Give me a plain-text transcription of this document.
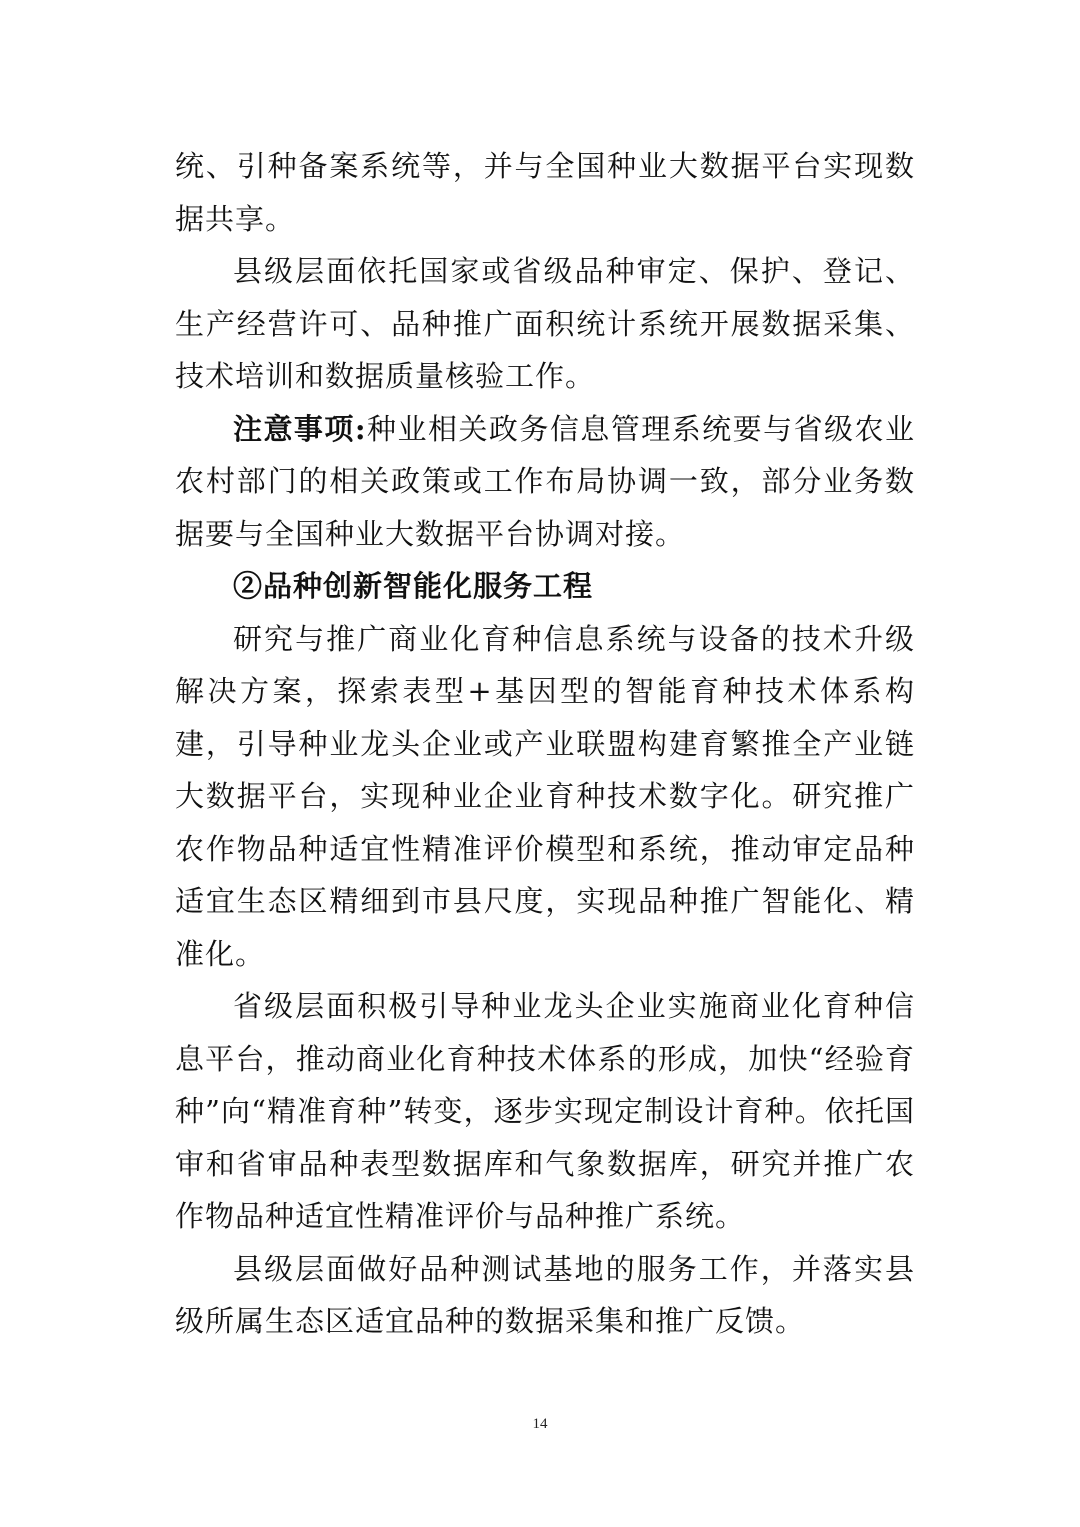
统、引种备案系统等，并与全国种业大数据平台实现数据共享。

县级层面依托国家或省级品种审定、保护、登记、生产经营许可、品种推广面积统计系统开展数据采集、技术培训和数据质量核验工作。

注意事项:种业相关政务信息管理系统要与省级农业农村部门的相关政策或工作布局协调一致，部分业务数据要与全国种业大数据平台协调对接。

②品种创新智能化服务工程

研究与推广商业化育种信息系统与设备的技术升级解决方案，探索表型+基因型的智能育种技术体系构建，引导种业龙头企业或产业联盟构建育繁推全产业链大数据平台，实现种业企业育种技术数字化。研究推广农作物品种适宜性精准评价模型和系统，推动审定品种适宜生态区精细到市县尺度，实现品种推广智能化、精准化。

省级层面积极引导种业龙头企业实施商业化育种信息平台，推动商业化育种技术体系的形成，加快“经验育种”向“精准育种”转变，逐步实现定制设计育种。依托国审和省审品种表型数据库和气象数据库，研究并推广农作物品种适宜性精准评价与品种推广系统。

县级层面做好品种测试基地的服务工作，并落实县级所属生态区适宜品种的数据采集和推广反馈。

14
